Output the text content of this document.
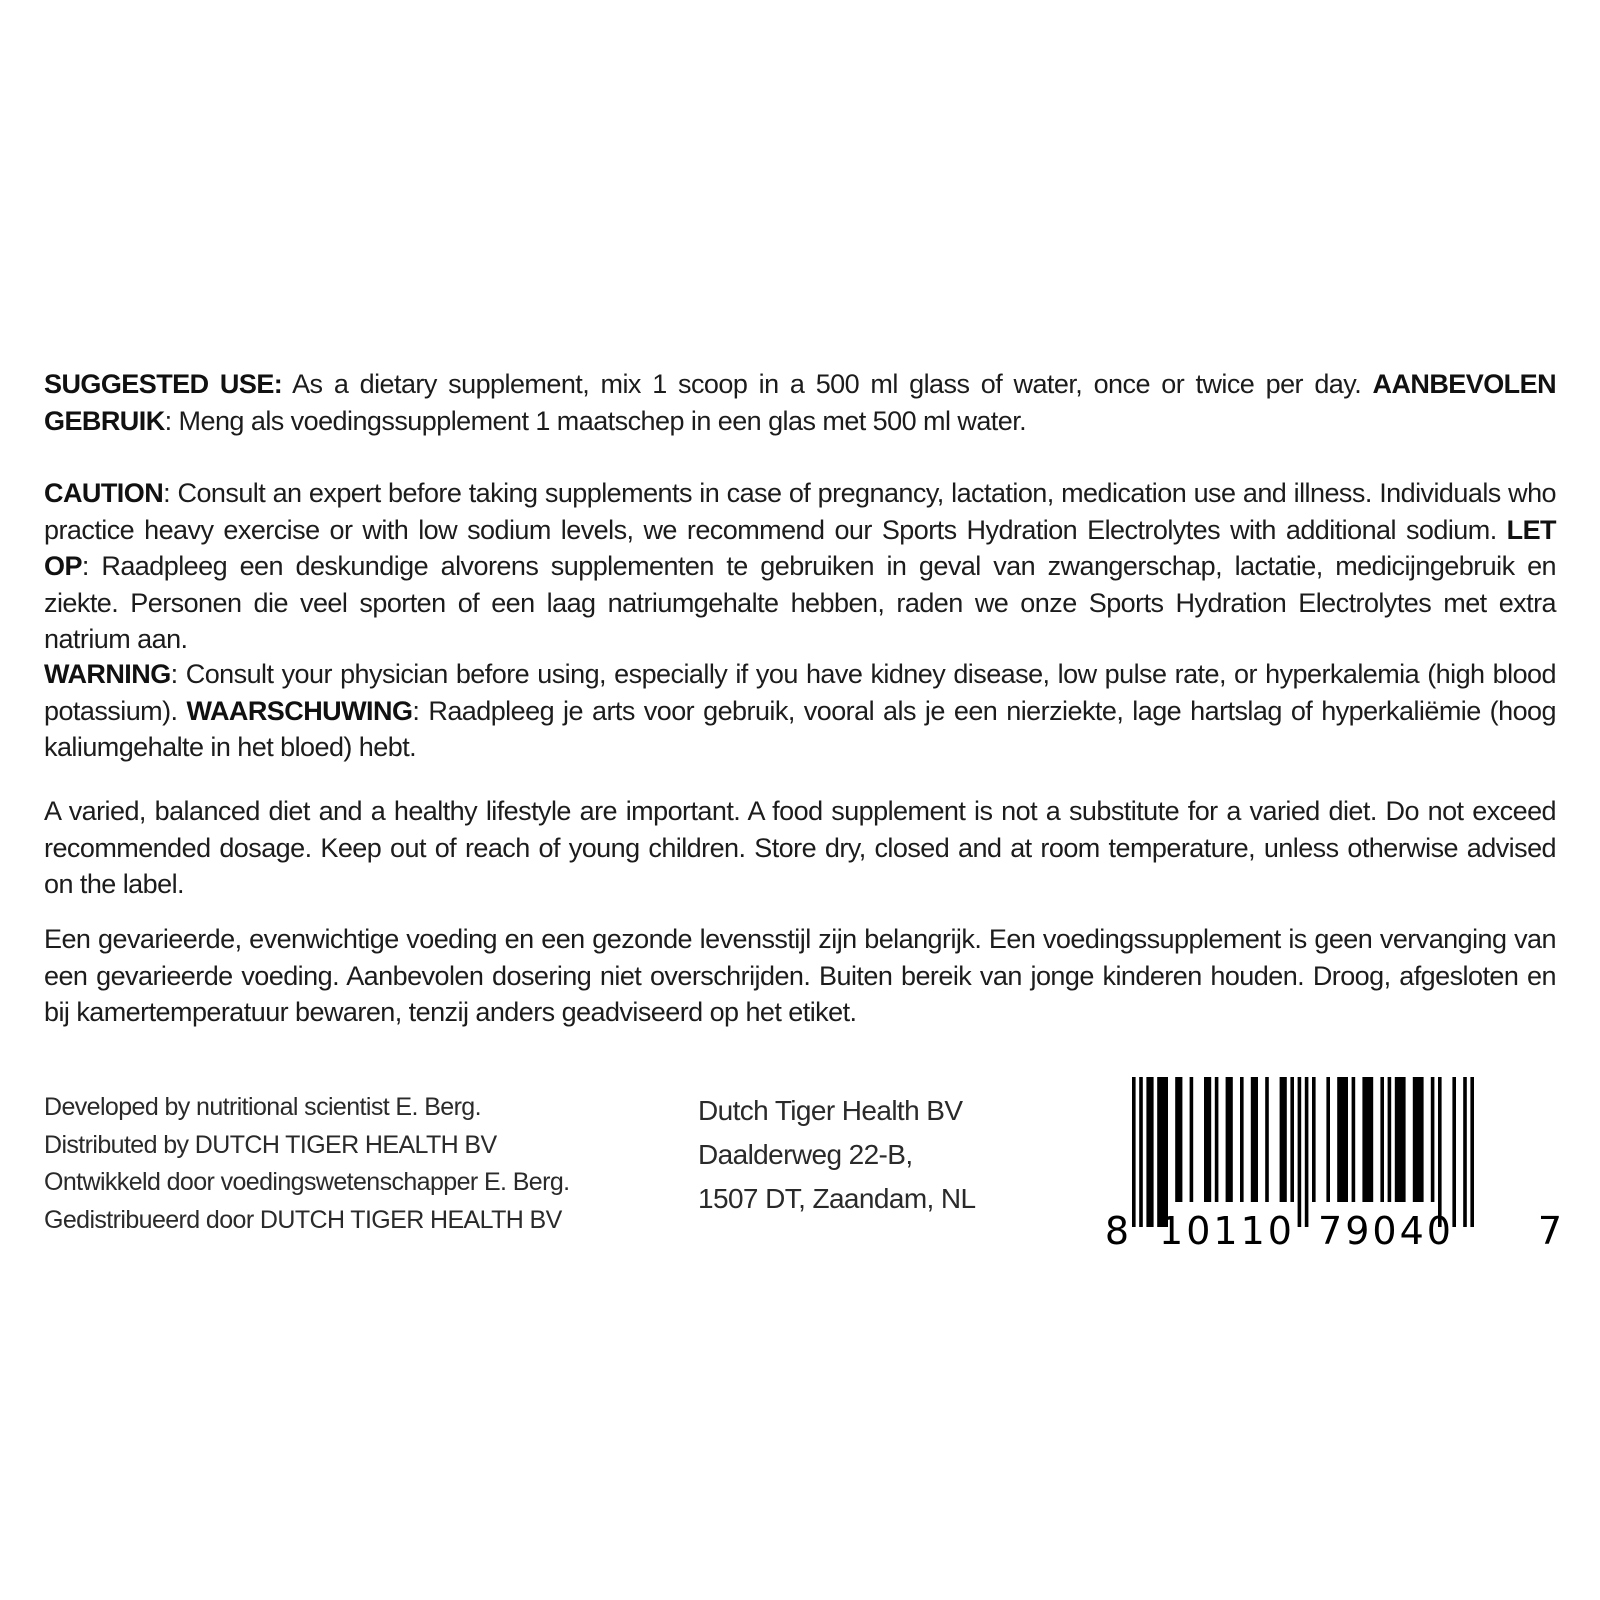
SUGGESTED USE: As a dietary supplement, mix 1 scoop in a 500 ml glass of water, once or twice per day. AANBEVOLEN GEBRUIK: Meng als voedingssupplement 1 maatschep in een glas met 500 ml water.

CAUTION: Consult an expert before taking supplements in case of pregnancy, lactation, medication use and illness. Individuals who practice heavy exercise or with low sodium levels, we recommend our Sports Hydration Electrolytes with additional sodium. LET OP: Raadpleeg een deskundige alvorens supplementen te gebruiken in geval van zwangerschap, lactatie, medicijngebruik en ziekte. Personen die veel sporten of een laag natriumgehalte hebben, raden we onze Sports Hydration Electrolytes met extra natrium aan.

WARNING: Consult your physician before using, especially if you have kidney disease, low pulse rate, or hyperkalemia (high blood potassium). WAARSCHUWING: Raadpleeg je arts voor gebruik, vooral als je een nierziekte, lage hartslag of hyperkaliëmie (hoog kaliumgehalte in het bloed) hebt.

A varied, balanced diet and a healthy lifestyle are important. A food supplement is not a substitute for a varied diet. Do not exceed recommended dosage. Keep out of reach of young children. Store dry, closed and at room temperature, unless otherwise advised on the label.

Een gevarieerde, evenwichtige voeding en een gezonde levensstijl zijn belangrijk. Een voedingssupplement is geen vervanging van een gevarieerde voeding. Aanbevolen dosering niet overschrijden. Buiten bereik van jonge kinderen houden. Droog, afgesloten en bij kamertemperatuur bewaren, tenzij anders geadviseerd op het etiket.

Developed by nutritional scientist E. Berg.
Distributed by DUTCH TIGER HEALTH BV
Ontwikkeld door voedingswetenschapper E. Berg.
Gedistribueerd door DUTCH TIGER HEALTH BV
Dutch Tiger Health BV
Daalderweg 22-B,
1507 DT, Zaandam, NL
8 10110 79040 7
